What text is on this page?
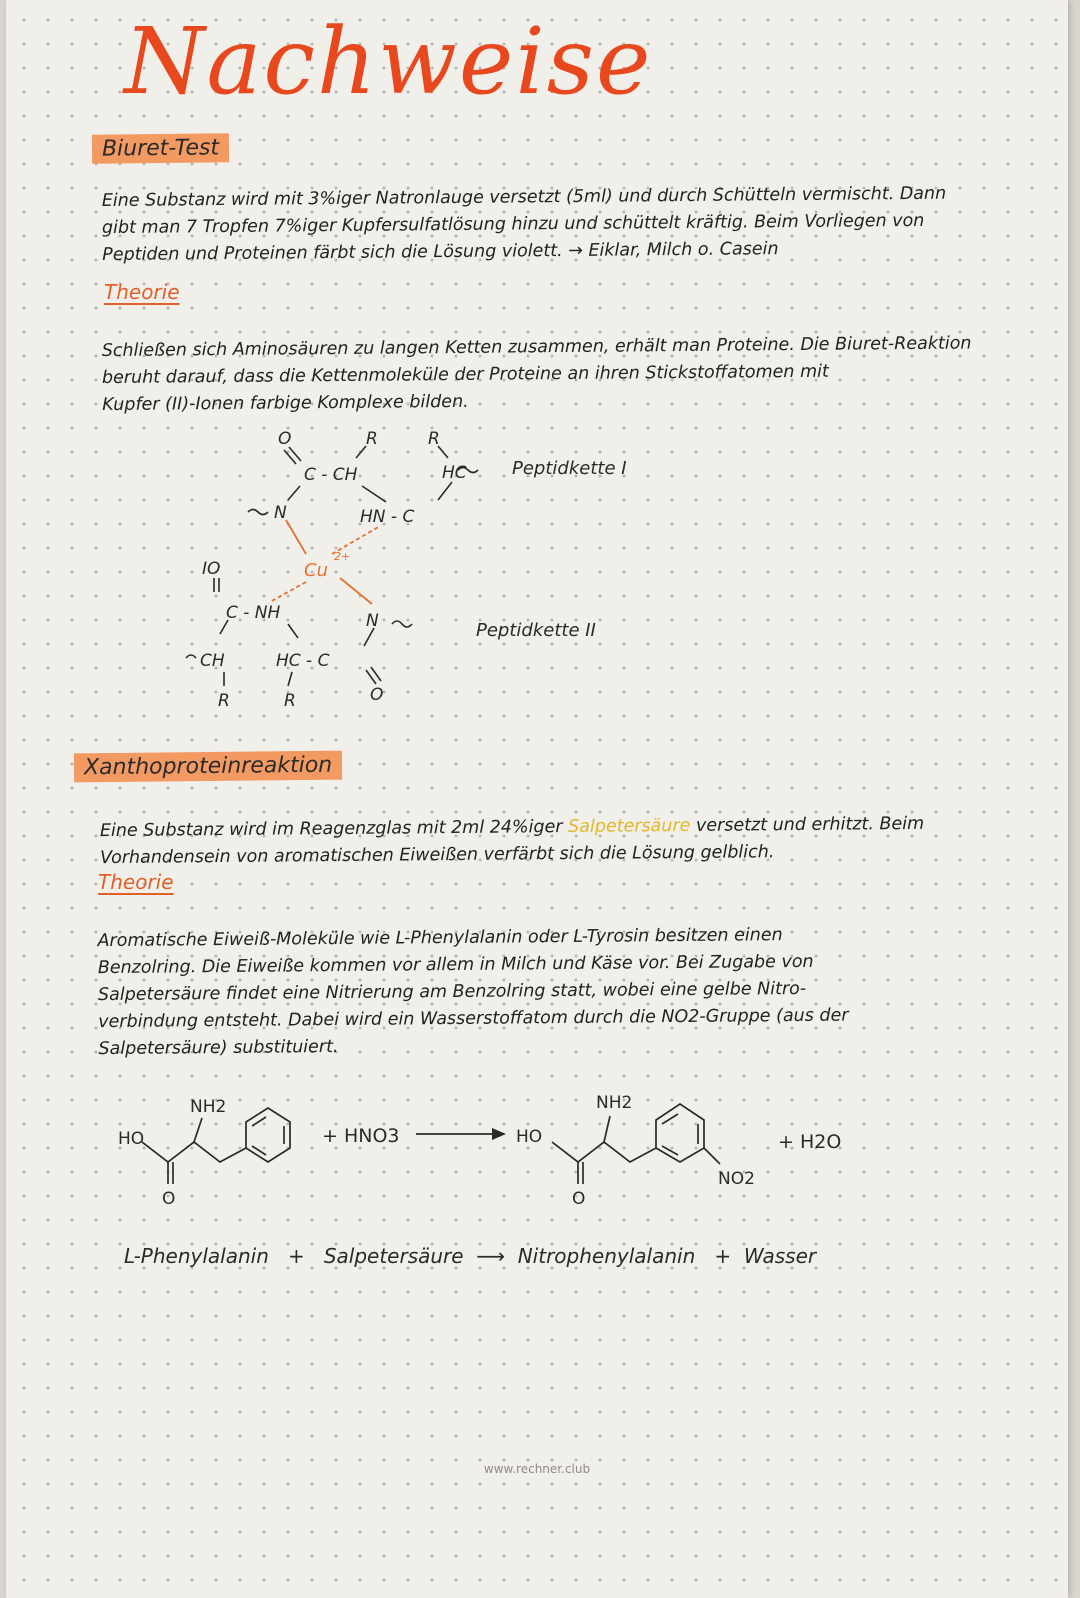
Nachweise
Biuret-Test
Eine Substanz wird mit 3%iger Natronlauge versetzt (5ml) und durch Schütteln vermischt. Dann
gibt man 7 Tropfen 7%iger Kupfersulfatlösung hinzu und schüttelt kräftig. Beim Vorliegen von
Peptiden und Proteinen färbt sich die Lösung violett. → Eiklar, Milch o. Casein
Theorie
Schließen sich Aminosäuren zu langen Ketten zusammen, erhält man Proteine. Die Biuret-Reaktion
beruht darauf, dass die Kettenmoleküle der Proteine an ihren Stickstoffatomen mit
Kupfer (II)-Ionen farbige Komplexe bilden.
O	R	R
C - CH	HC
N	HN - C
IO
C - NH	N
CH	HC - C
R	R	O
Cu
2+
Peptidkette I
Peptidkette II
Xanthoproteinreaktion
Eine Substanz wird im Reagenzglas mit 2ml 24%iger Salpetersäure versetzt und erhitzt. Beim
Vorhandensein von aromatischen Eiweißen verfärbt sich die Lösung gelblich.
Theorie
Aromatische Eiweiß-Moleküle wie L-Phenylalanin oder L-Tyrosin besitzen einen
Benzolring. Die Eiweiße kommen vor allem in Milch und Käse vor. Bei Zugabe von
Salpetersäure findet eine Nitrierung am Benzolring statt, wobei eine gelbe Nitro-
verbindung entsteht. Dabei wird ein Wasserstoffatom durch die NO2-Gruppe (aus der
Salpetersäure) substituiert.
HO
NH2
O
+ HNO3	HO
NH2
O
NO2
+ H2O
L-Phenylalanin + Salpetersäure ⟶ Nitrophenylalanin + Wasser
www.rechner.club
